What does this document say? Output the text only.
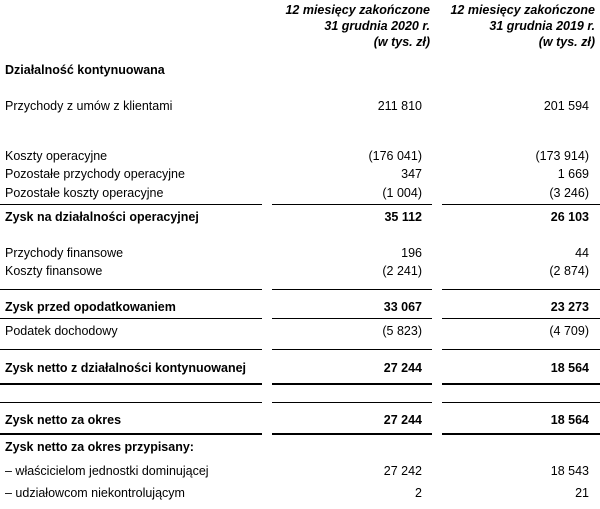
12 miesięcy zakończone
31 grudnia 2020 r.
(w tys. zł)
12 miesięcy zakończone
31 grudnia 2019 r.
(w tys. zł)
Działalność kontynuowana
Przychody z umów z klientami	211 810	201 594
Koszty operacyjne	(176 041)	(173 914)
Pozostałe przychody operacyjne	347	1 669
Pozostałe koszty operacyjne	(1 004)	(3 246)
Zysk na działalności operacyjnej	35 112	26 103
Przychody finansowe	196	44
Koszty finansowe	(2 241)	(2 874)
Zysk przed opodatkowaniem	33 067	23 273
Podatek dochodowy	(5 823)	(4 709)
Zysk netto z działalności kontynuowanej	27 244	18 564
Zysk netto za okres	27 244	18 564
Zysk netto za okres przypisany:
– właścicielom jednostki dominującej	27 242	18 543
– udziałowcom niekontrolującym	2	21
